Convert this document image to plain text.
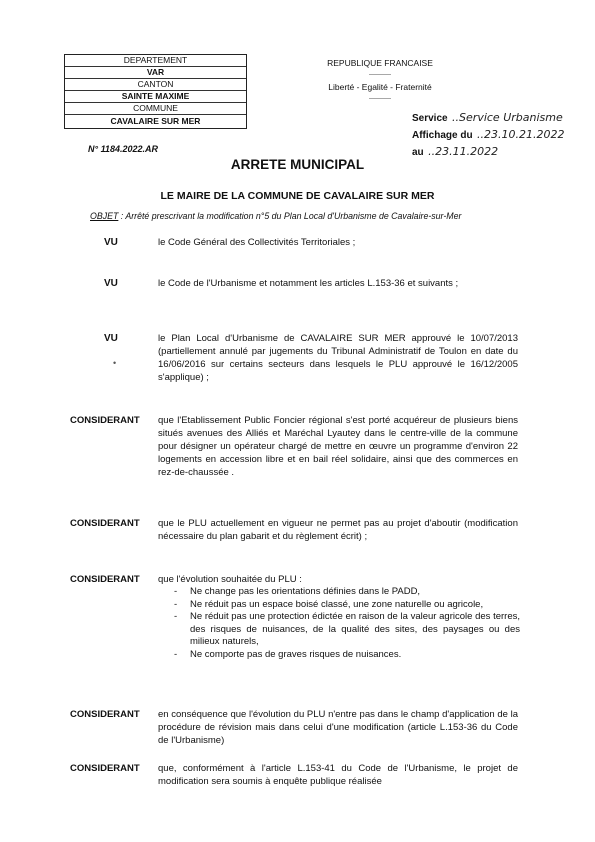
DEPARTEMENT
VAR
CANTON
SAINTE MAXIME
COMMUNE
CAVALAIRE SUR MER
REPUBLIQUE FRANCAISE
-----------
Liberté - Egalité - Fraternité
-----------
Service ..Service Urbanisme
Affichage du ..23.10.21.2022
au ..23.11.2022
N° 1184.2022.AR
ARRETE MUNICIPAL
LE MAIRE DE LA COMMUNE DE CAVALAIRE SUR MER
OBJET : Arrêté prescrivant la modification n°5 du Plan Local d'Urbanisme de Cavalaire-sur-Mer
VU	le Code Général des Collectivités Territoriales ;
VU	le Code de l'Urbanisme et notamment les articles L.153-36 et suivants ;
VU	le Plan Local d'Urbanisme de CAVALAIRE SUR MER approuvé le 10/07/2013 (partiellement annulé par jugements du Tribunal Administratif de Toulon en date du 16/06/2016 sur certains secteurs dans lesquels le PLU approuvé le 16/12/2005 s'applique) ;
•
CONSIDERANT que l'Etablissement Public Foncier régional s'est porté acquéreur de plusieurs biens situés avenues des Alliés et Maréchal Lyautey dans le centre-ville de la commune pour désigner un opérateur chargé de mettre en œuvre un programme d'environ 22 logements en accession libre et en bail réel solidaire, ainsi que des commerces en rez-de-chaussée .
CONSIDERANT que le PLU actuellement en vigueur ne permet pas au projet d'aboutir (modification nécessaire du plan gabarit et du règlement écrit) ;
CONSIDERANT que l'évolution souhaitée du PLU :
- Ne change pas les orientations définies dans le PADD,
- Ne réduit pas un espace boisé classé, une zone naturelle ou agricole,
- Ne réduit pas une protection édictée en raison de la valeur agricole des terres, des risques de nuisances, de la qualité des sites, des paysages ou des milieux naturels,
- Ne comporte pas de graves risques de nuisances.
CONSIDERANT en conséquence que l'évolution du PLU n'entre pas dans le champ d'application de la procédure de révision mais dans celui d'une modification (article L.153-36 du Code de l'Urbanisme)
CONSIDERANT que, conformément à l'article L.153-41 du Code de l'Urbanisme, le projet de modification sera soumis à enquête publique réalisée
